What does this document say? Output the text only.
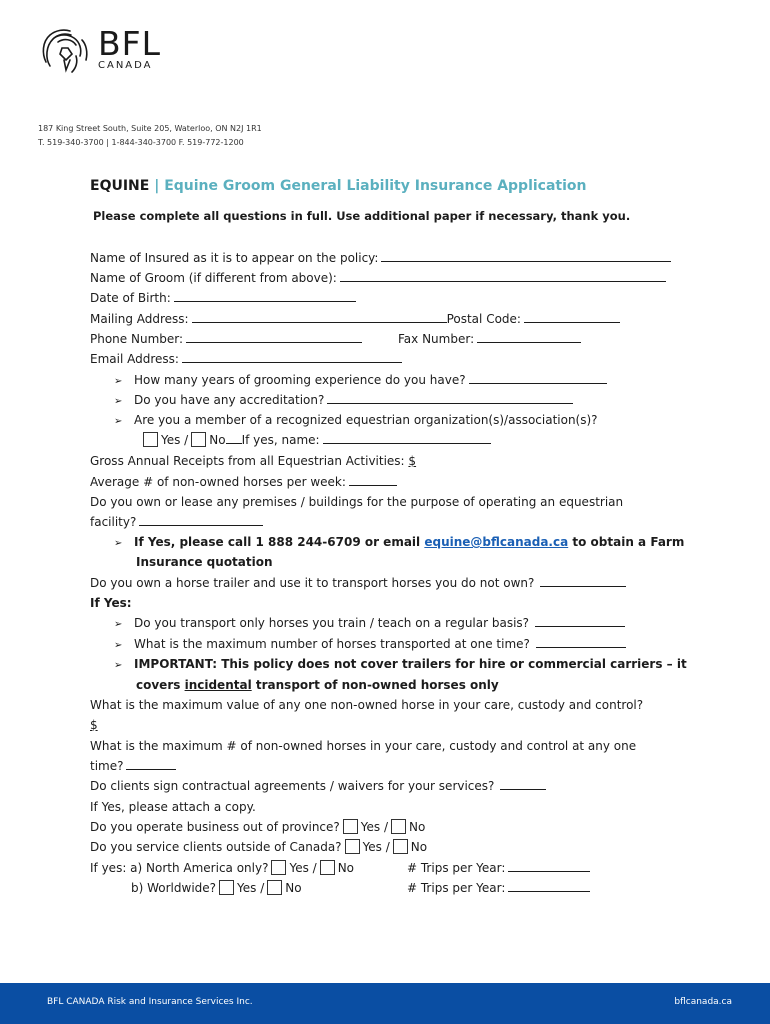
BFL
CANADA
187 King Street South, Suite 205, Waterloo, ON N2J 1R1
T. 519-340-3700 | 1-844-340-3700 F. 519-772-1200
EQUINE | Equine Groom General Liability Insurance Application
Please complete all questions in full. Use additional paper if necessary, thank you.
Name of Insured as it is to appear on the policy:
Name of Groom (if different from above):
Date of Birth:
Mailing Address:	Postal Code:
Phone Number:	Fax Number:
Email Address:
➢ How many years of grooming experience do you have?
➢ Do you have any accreditation?
➢ Are you a member of a recognized equestrian organization(s)/association(s)?
Yes / No If yes, name:
Gross Annual Receipts from all Equestrian Activities: $
Average # of non-owned horses per week:
Do you own or lease any premises / buildings for the purpose of operating an equestrian
facility?
➢ If Yes, please call 1 888 244-6709 or email equine@bflcanada.ca to obtain a Farm
Insurance quotation
Do you own a horse trailer and use it to transport horses you do not own?
If Yes:
➢ Do you transport only horses you train / teach on a regular basis?
➢ What is the maximum number of horses transported at one time?
➢ IMPORTANT: This policy does not cover trailers for hire or commercial carriers – it
covers incidental transport of non-owned horses only
What is the maximum value of any one non-owned horse in your care, custody and control?
$
What is the maximum # of non-owned horses in your care, custody and control at any one
time?
Do clients sign contractual agreements / waivers for your services?
If Yes, please attach a copy.
Do you operate business out of province? Yes / No
Do you service clients outside of Canada? Yes / No
If yes: a) North America only? Yes / No	# Trips per Year:
b) Worldwide? Yes / No	# Trips per Year:
BFL CANADA Risk and Insurance Services Inc.	bflcanada.ca
